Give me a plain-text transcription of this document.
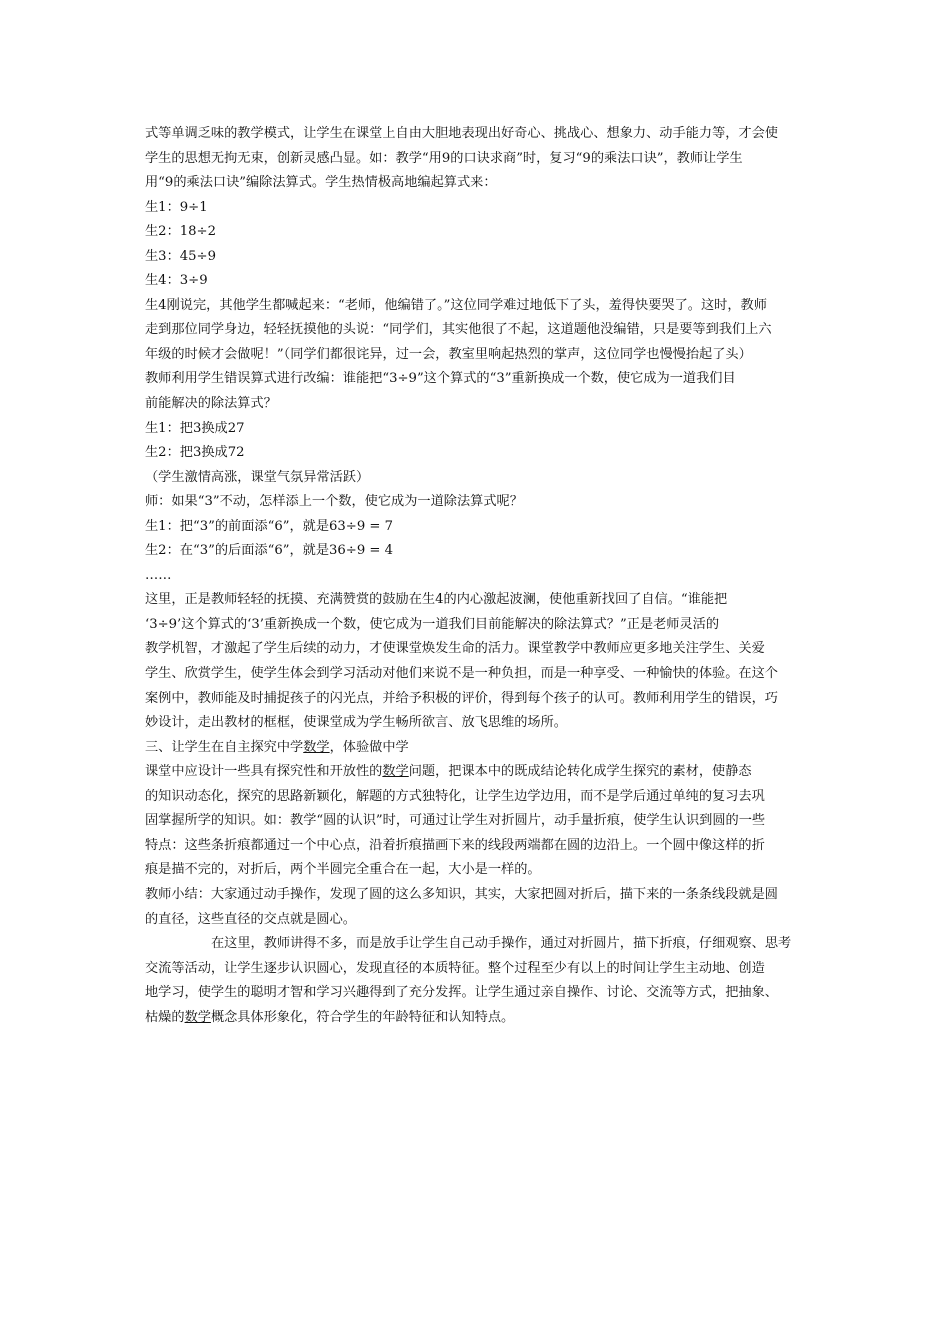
式等单调乏味的教学模式，让学生在课堂上自由大胆地表现出好奇心、挑战心、想象力、动手能力等，才会使
学生的思想无拘无束，创新灵感凸显。如：教学“用9的口诀求商”时，复习“9的乘法口诀”，教师让学生
用“9的乘法口诀”编除法算式。学生热情极高地编起算式来：
生1：9÷1
生2：18÷2
生3：45÷9
生4：3÷9
生4刚说完，其他学生都喊起来：“老师，他编错了。”这位同学难过地低下了头，羞得快要哭了。这时，教师
走到那位同学身边，轻轻抚摸他的头说：“同学们，其实他很了不起，这道题他没编错，只是要等到我们上六
年级的时候才会做呢！”（同学们都很诧异，过一会，教室里响起热烈的掌声，这位同学也慢慢抬起了头）
教师利用学生错误算式进行改编：谁能把“3÷9”这个算式的“3”重新换成一个数，使它成为一道我们目
前能解决的除法算式？
生1：把3换成27
生2：把3换成72
（学生激情高涨，课堂气氛异常活跃）
师：如果“3”不动，怎样添上一个数，使它成为一道除法算式呢？
生1：把“3”的前面添“6”，就是63÷9 = 7
生2：在“3”的后面添“6”，就是36÷9 = 4
……
这里，正是教师轻轻的抚摸、充满赞赏的鼓励在生4的内心激起波澜，使他重新找回了自信。“谁能把
‘3÷9’这个算式的‘3’重新换成一个数，使它成为一道我们目前能解决的除法算式？”正是老师灵活的
教学机智，才激起了学生后续的动力，才使课堂焕发生命的活力。课堂教学中教师应更多地关注学生、关爱
学生、欣赏学生，使学生体会到学习活动对他们来说不是一种负担，而是一种享受、一种愉快的体验。在这个
案例中，教师能及时捕捉孩子的闪光点，并给予积极的评价，得到每个孩子的认可。教师利用学生的错误，巧
妙设计，走出教材的框框，使课堂成为学生畅所欲言、放飞思维的场所。
三、让学生在自主探究中学数学，体验做中学
课堂中应设计一些具有探究性和开放性的数学问题，把课本中的既成结论转化成学生探究的素材，使静态
的知识动态化，探究的思路新颖化，解题的方式独特化，让学生边学边用，而不是学后通过单纯的复习去巩
固掌握所学的知识。如：教学“圆的认识”时，可通过让学生对折圆片，动手量折痕，使学生认识到圆的一些
特点：这些条折痕都通过一个中心点，沿着折痕描画下来的线段两端都在圆的边沿上。一个圆中像这样的折
痕是描不完的，对折后，两个半圆完全重合在一起，大小是一样的。
教师小结：大家通过动手操作，发现了圆的这么多知识，其实，大家把圆对折后，描下来的一条条线段就是圆
的直径，这些直径的交点就是圆心。
在这里，教师讲得不多，而是放手让学生自己动手操作，通过对折圆片，描下折痕，仔细观察、思考
交流等活动，让学生逐步认识圆心，发现直径的本质特征。整个过程至少有以上的时间让学生主动地、创造
地学习，使学生的聪明才智和学习兴趣得到了充分发挥。让学生通过亲自操作、讨论、交流等方式，把抽象、
枯燥的数学概念具体形象化，符合学生的年龄特征和认知特点。
